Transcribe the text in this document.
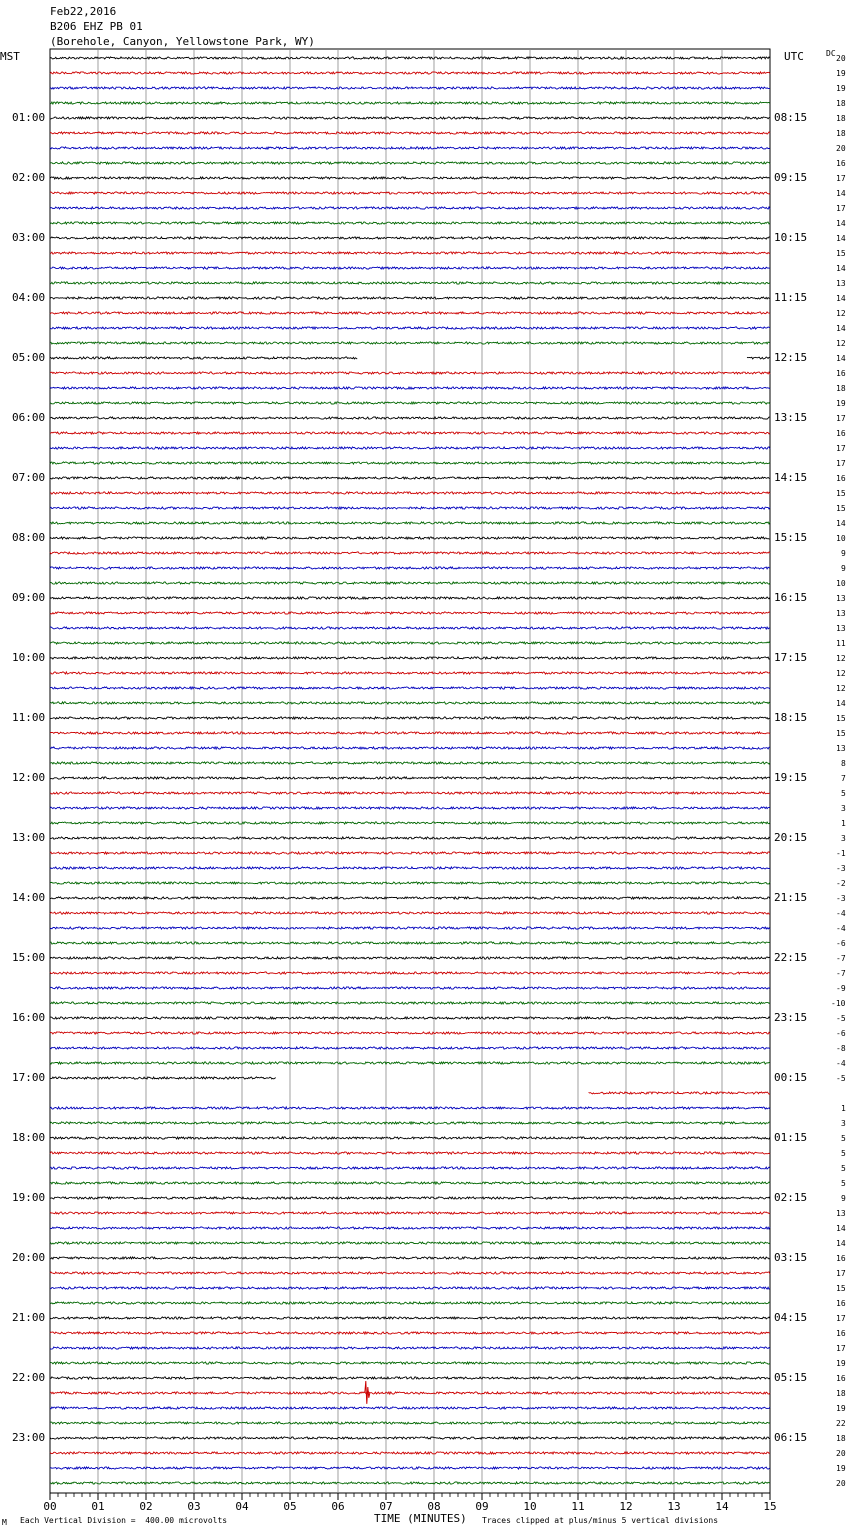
Feb22,2016
B206 EHZ PB 01
(Borehole, Canyon, Yellowstone Park, WY)
MST	UTC	DC
00	01	02	03	04	05	06	07	08	09	10	11	12	13	14	15
01:00	08:15
02:00	09:15
03:00	10:15
04:00	11:15
05:00	12:15
06:00	13:15
07:00	14:15
08:00	15:15
09:00	16:15
10:00	17:15
11:00	18:15
12:00	19:15
13:00	20:15
14:00	21:15
15:00	22:15
16:00	23:15
17:00	00:15
18:00	01:15
19:00	02:15
20:00	03:15
21:00	04:15
22:00	05:15
23:00	06:15
20
19
19
18
18
18
20
16
17
14
17
14
14
15
14
13
14
12
14
12
14
16
18
19
17
16
17
17
16
15
15
14
10
9
9
10
13
13
13
11
12
12
12
14
15
15
13
8
7
5
3
1
3
-1
-3
-2
-3
-4
-4
-6
-7
-7
-9
-10
-5
-6
-8
-4
-5
1
3
5
5
5
5
9
13
14
14
16
17
15
16
17
16
17
19
16
18
19
22
18
20
19
20
M Each Vertical Division =  400.00 microvolts	TIME (MINUTES) Traces clipped at plus/minus 5 vertical divisions
